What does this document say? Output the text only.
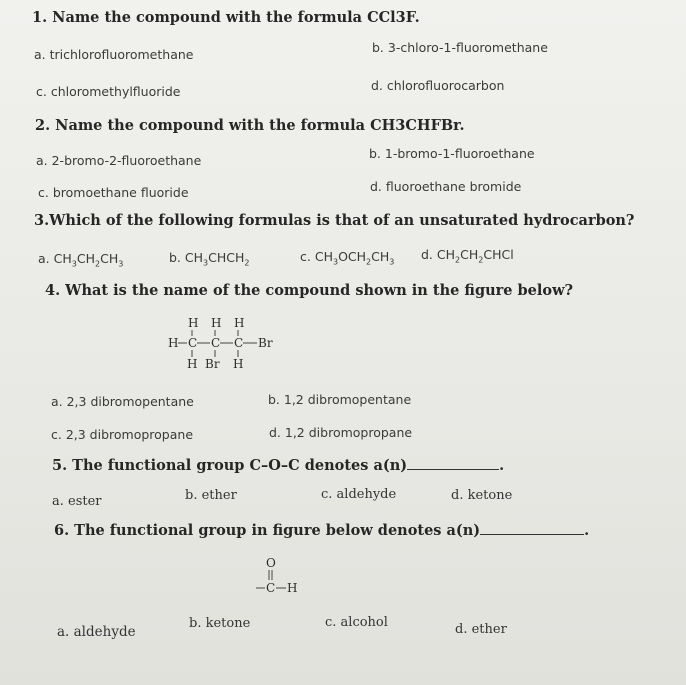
1. Name the compound with the formula CCl3F.
a. trichlorofluoromethane	b. 3-chloro-1-fluoromethane
c. chloromethylfluoride	d. chlorofluorocarbon
2. Name the compound with the formula CH3CHFBr.
a. 2-bromo-2-fluoroethane	b. 1-bromo-1-fluoroethane
c. bromoethane fluoride	d. fluoroethane bromide
3.Which of the following formulas is that of an unsaturated hydrocarbon?
a. $CH_3CH_2CH_3$	b. $CH_3CHCH_2$	c. $CH_3OCH_2CH_3$ d. $CH_2CH_2CHCl$
4. What is the name of the compound shown in the figure below?
H H H
H C C C Br
H Br H
a. 2,3 dibromopentane	b. 1,2 dibromopentane
c. 2,3 dibromopropane	d. 1,2 dibromopropane
5. The functional group C–O–C denotes a(n)	.
a. ester	b. ether	c. aldehyde	d. ketone
6. The functional group in figure below denotes a(n)	.
O
C H
a. aldehyde
b. ketone	c. alcohol	d. ether
